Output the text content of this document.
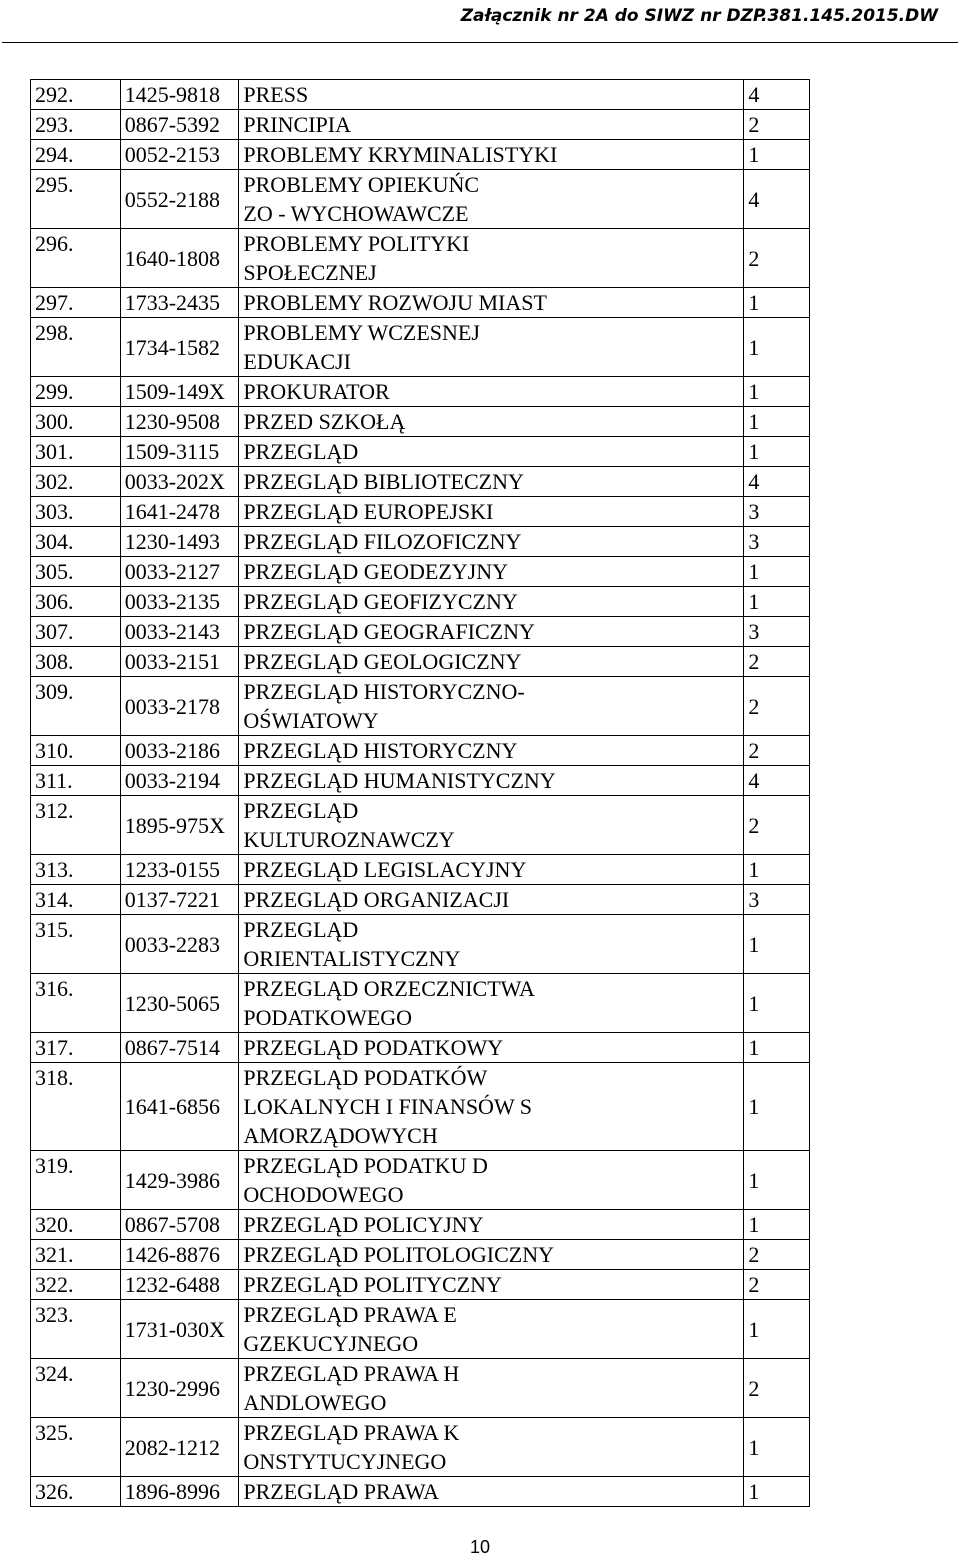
Załącznik nr 2A do SIWZ nr DZP.381.145.2015.DW
292.	1425-9818	PRESS	4
293.	0867-5392	PRINCIPIA	2
294.	0052-2153	PROBLEMY KRYMINALISTYKI	1
295.	0552-2188	PROBLEMY OPIEKUŃC
ZO - WYCHOWAWCZE	4
296.	1640-1808	PROBLEMY POLITYKI
SPOŁECZNEJ	2
297.	1733-2435	PROBLEMY ROZWOJU MIAST	1
298.	1734-1582	PROBLEMY WCZESNEJ
EDUKACJI	1
299.	1509-149X	PROKURATOR	1
300.	1230-9508	PRZED SZKOŁĄ	1
301.	1509-3115	PRZEGLĄD	1
302.	0033-202X	PRZEGLĄD BIBLIOTECZNY	4
303.	1641-2478	PRZEGLĄD EUROPEJSKI	3
304.	1230-1493	PRZEGLĄD FILOZOFICZNY	3
305.	0033-2127	PRZEGLĄD GEODEZYJNY	1
306.	0033-2135	PRZEGLĄD GEOFIZYCZNY	1
307.	0033-2143	PRZEGLĄD GEOGRAFICZNY	3
308.	0033-2151	PRZEGLĄD GEOLOGICZNY	2
309.	0033-2178	PRZEGLĄD HISTORYCZNO-
OŚWIATOWY	2
310.	0033-2186	PRZEGLĄD HISTORYCZNY	2
311.	0033-2194	PRZEGLĄD HUMANISTYCZNY	4
312.	1895-975X	PRZEGLĄD
KULTUROZNAWCZY	2
313.	1233-0155	PRZEGLĄD LEGISLACYJNY	1
314.	0137-7221	PRZEGLĄD ORGANIZACJI	3
315.	0033-2283	PRZEGLĄD
ORIENTALISTYCZNY	1
316.	1230-5065	PRZEGLĄD ORZECZNICTWA
PODATKOWEGO	1
317.	0867-7514	PRZEGLĄD PODATKOWY	1
318.	1641-6856	PRZEGLĄD PODATKÓW
LOKALNYCH I FINANSÓW S
AMORZĄDOWYCH	1
319.	1429-3986	PRZEGLĄD PODATKU D
OCHODOWEGO	1
320.	0867-5708	PRZEGLĄD POLICYJNY	1
321.	1426-8876	PRZEGLĄD POLITOLOGICZNY	2
322.	1232-6488	PRZEGLĄD POLITYCZNY	2
323.	1731-030X	PRZEGLĄD PRAWA E
GZEKUCYJNEGO	1
324.	1230-2996	PRZEGLĄD PRAWA H
ANDLOWEGO	2
325.	2082-1212	PRZEGLĄD PRAWA K
ONSTYTUCYJNEGO	1
326.	1896-8996	PRZEGLĄD PRAWA	1
10
